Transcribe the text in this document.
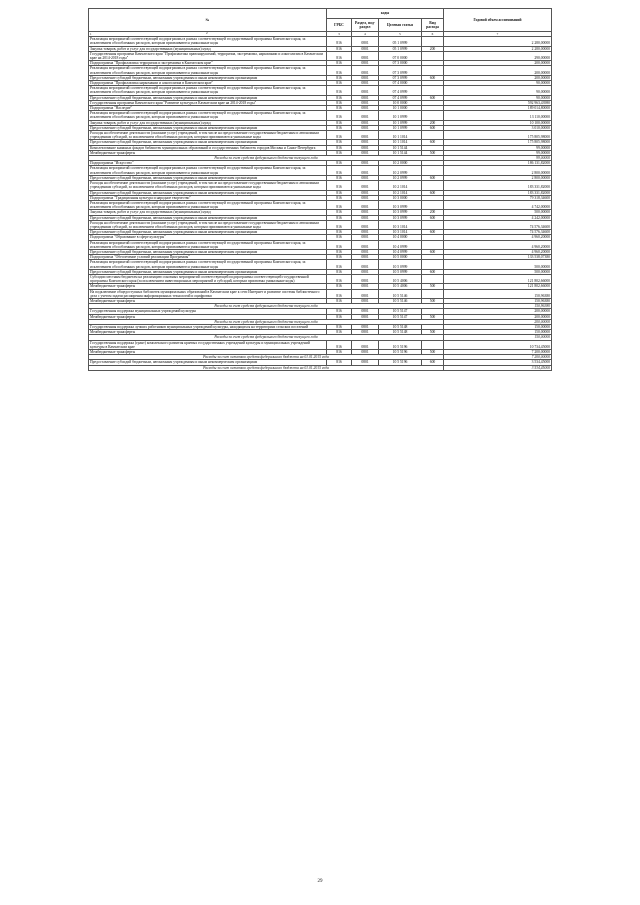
№	коды				Годовой объем ассигнований
	ГРБС	Раздел, под-раздел	Целевая статья	Вид расхода	
1	3	4	5	6	7
Реализация мероприятий соответствующей подпрограммы в рамках соответствующей государственной программы Камчатского края, за исключением обособленных расходов, которым присваиваются уникальные коды	816	0801	05 1 0999		2 280,00000
Закупка товаров, работ и услуг для государственных (муниципальных) нужд	816	0801	05 1 0999	200	2 280,00000
Государственная программа Камчатского края "Профилактика правонарушений, терроризма, экстремизма, наркомании и алкоголизма в Камчатском крае на 2014-2018 годы"	816	0801	07 0 0000		290,00000
Подпрограмма "Профилактика терроризма и экстремизма в Камчатском крае"	816	0801	07 3 0000		200,00000
Реализация мероприятий соответствующей подпрограммы в рамках соответствующей государственной программы Камчатского края, за исключением обособленных расходов, которым присваиваются уникальные коды	816	0801	07 3 0999		200,00000
Предоставление субсидий бюджетным, автономным учреждениям и иным некоммерческим организациям	816	0801	07 3 0999	600	200,00000
Подпрограмма "Профилактика наркомании и алкоголизма в Камчатском крае"	816	0801	07 4 0000		90,00000
Реализация мероприятий соответствующей подпрограммы в рамках соответствующей государственной программы Камчатского края, за исключением обособленных расходов, которым присваиваются уникальные коды	816	0801	07 4 0999		90,00000
Предоставление субсидий бюджетным, автономным учреждениям и иным некоммерческим организациям	816	0801	07 4 0999	600	90,00000
Государственная программа Камчатского края "Развитие культуры в Камчатском крае на 2014-2018 годы"	816	0801	10 0 0000		592 963,43980
Подпрограмма "Наследие"	816	0801	10 1 0000		189 014,80000
Реализация мероприятий соответствующей подпрограммы в рамках соответствующей государственной программы Камчатского края, за исключением обособленных расходов, которым присваиваются уникальные коды	816	0801	10 1 0999		13 110,00000
Закупка товаров, работ и услуг для государственных (муниципальных) нужд	816	0801	10 1 0999	200	10 100,00000
Предоставление субсидий бюджетным, автономным учреждениям и иным некоммерческим организациям	816	0801	10 1 0999	600	3 010,00000
Расходы на обеспечение деятельности (оказание услуг) учреждений, в том числе на предоставление государственным бюджетным и автономным учреждениям субсидий, за исключением обособленных расходов, которым присваиваются уникальные коды	816	0801	10 1 1014		175 805,98000
Предоставление субсидий бюджетным, автономным учреждениям и иным некоммерческим организациям	816	0801	10 1 1014	600	175 805,98000
Комплектование книжных фондов библиотек муниципальных образований и государственных библиотек городов Москвы и Санкт-Петербурга	816	0801	10 1 5144		99,00000
Межбюджетные трансферты	816	0801	10 1 5144	500	99,00000
Расходы за счет средств федерального бюджета текущего года					99,00000
Подпрограмма "Искусство"	816	0801	10 2 0000		186 131,82000
Реализация мероприятий соответствующей подпрограммы в рамках соответствующей государственной программы Камчатского края, за исключением обособленных расходов, которым присваиваются уникальные коды	816	0801	10 2 0999		2 800,00000
Предоставление субсидий бюджетным, автономным учреждениям и иным некоммерческим организациям	816	0801	10 2 0999	600	2 800,00000
Расходы на обеспечение деятельности (оказание услуг) учреждений, в том числе на предоставление государственным бюджетным и автономным учреждениям субсидий, за исключением обособленных расходов, которым присваиваются уникальные коды	816	0801	10 2 1014		183 331,82000
Предоставление субсидий бюджетным, автономным учреждениям и иным некоммерческим организациям	816	0801	10 2 1014	600	183 331,82000
Подпрограмма "Традиционная культура и народное творчество"	816	0801	10 3 0000		79 318,34600
Реализация мероприятий соответствующей подпрограммы в рамках соответствующей государственной программы Камчатского края, за исключением обособленных расходов, которым присваиваются уникальные коды	816	0801	10 3 0999		4 742,00000
Закупка товаров, работ и услуг для государственных (муниципальных) нужд	816	0801	10 3 0999	200	500,00000
Предоставление субсидий бюджетным, автономным учреждениям и иным некоммерческим организациям	816	0801	10 3 0999	600	4 242,00000
Расходы на обеспечение деятельности (оказание услуг) учреждений, в том числе на предоставление государственным бюджетным и автономным учреждениям субсидий, за исключением обособленных расходов, которым присваиваются уникальные коды	816	0801	10 3 1014		74 576,34600
Предоставление субсидий бюджетным, автономным учреждениям и иным некоммерческим организациям	816	0801	10 3 1014	600	74 576,34600
Подпрограмма "Образование в сфере культуры"	816	0801	10 4 0000		4 960,20000
Реализация мероприятий соответствующей подпрограммы в рамках соответствующей государственной программы Камчатского края, за исключением обособленных расходов, которым присваиваются уникальные коды	816	0801	10 4 0999		4 960,20000
Предоставление субсидий бюджетным, автономным учреждениям и иным некоммерческим организациям	816	0801	10 4 0999	600	4 960,20000
Подпрограмма "Обеспечение условий реализации Программы"	816	0801	10 5 0000		133 538,07380
Реализация мероприятий соответствующей подпрограммы в рамках соответствующей государственной программы Камчатского края, за исключением обособленных расходов, которым присваиваются уникальные коды	816	0801	10 5 0999		500,00000
Предоставление субсидий бюджетным, автономным учреждениям и иным некоммерческим организациям	816	0801	10 5 0999	600	500,00000
Субсидии местным бюджетам на реализацию основных мероприятий соответствующей подпрограммы соответствующей государственной программы Камчатского края (за исключением инвестиционных мероприятий и субсидий, которым присвоены уникальные коды)	816	0801	10 5 4006		121 802,66000
Межбюджетные трансферты	816	0801	10 5 4006	500	121 802,66000
На подключение общедоступных библиотек муниципальных образований в Камчатском крае к сети Интернет и развитие системы библиотечного дела с учетом задачи расширения информационных технологий и оцифровки	816	0801	10 5 5146		150,96380
Межбюджетные трансферты	816	0801	10 5 5146	500	150,96380
Расходы за счет средств федерального бюджета текущего года					150,96380
Государственная поддержка муниципальных учреждений культуры	816	0801	10 5 5147		200,00000
Межбюджетные трансферты	816	0801	10 5 5147	500	200,00000
Расходы за счет средств федерального бюджета текущего года					200,00000
Государственная поддержка лучших работников муниципальных учреждений культуры, находящихся на территориях сельских поселений	816	0801	10 5 5148		150,00000
Межбюджетные трансферты	816	0801	10 5 5148	500	150,00000
Расходы за счет средств федерального бюджета текущего года					150,00000
Государственная поддержка (грант) комплексного развития краевых государственных учреждений культуры и муниципальных учреждений культуры в Камчатском крае	816	0801	10 5 5196		10 734,45000
Межбюджетные трансферты	816	0801	10 5 5196	500	7 200,00000
Расходы за счет остатков средств федерального бюджета на 01.01.2015 года					7 200,00000
Предоставление субсидий бюджетным, автономным учреждениям и иным некоммерческим организациям	816	0801	10 5 5196	600	3 534,45000
Расходы за счет остатков средств федерального бюджета на 01.01.2015 года					3 534,45000
2
29
